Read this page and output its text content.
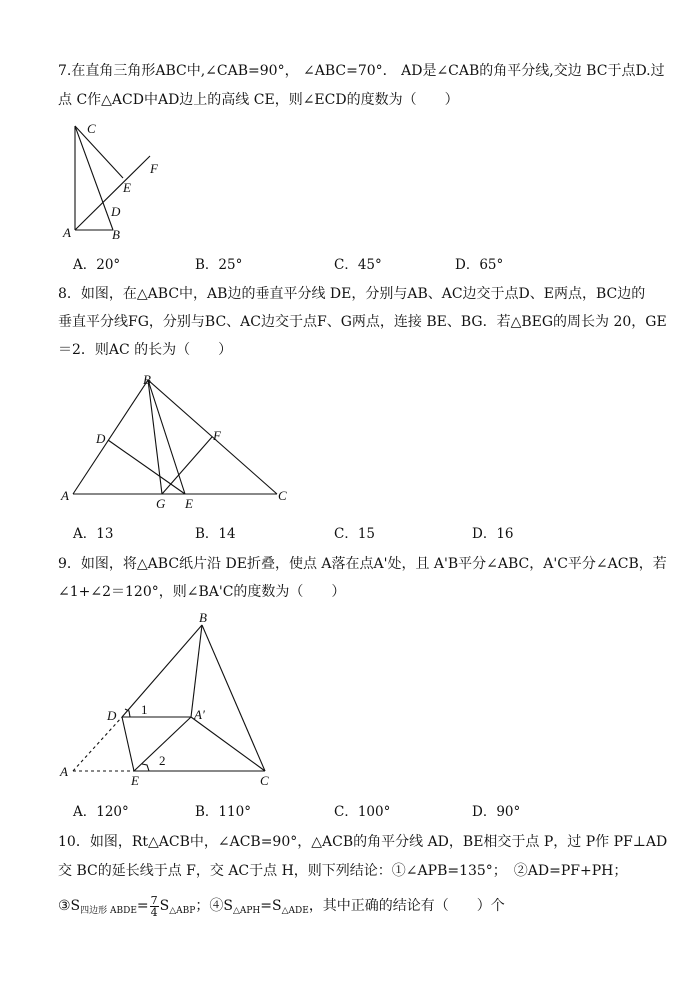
7.在直角三角形ABC中,∠CAB=90°， ∠ABC=70°． AD是∠CAB的角平分线,交边 BC于点D.过
点 C作△ACD中AD边上的高线 CE，则∠ECD的度数为（　　）
C
F
E
D
A	B
A．20°	B．25°	C．45°	D．65°
8．如图，在△ABC中，AB边的垂直平分线 DE，分别与AB、AC边交于点D、E两点，BC边的
垂直平分线FG，分别与BC、AC边交于点F、G两点，连接 BE、BG．若△BEG的周长为 20，GE
＝2．则AC 的长为（　　）
B
D	F
A
G E
C
A．13	B．14	C．15	D．16
9．如图，将△ABC纸片沿 DE折叠，使点 A落在点A'处，且 A'B平分∠ABC，A'C平分∠ACB，若
∠1+∠2＝120°，则∠BA'C的度数为（　　）
B
D 1	A′
A
E
2
C
A．120°	B．110°	C．100°	D．90°
10．如图，Rt△ACB中，∠ACB=90°，△ACB的角平分线 AD，BE相交于点 P，过 P作 PF⊥AD
交 BC的延长线于点 F，交 AC于点 H，则下列结论：①∠APB=135°；　②AD=PF+PH；
$③S_{四边形 ABDE}= \frac{7}{4} S_{\triangle ABP}$；$④S_{\triangle APH}=S_{\triangle ADE}$，其中正确的结论有（　　）个
